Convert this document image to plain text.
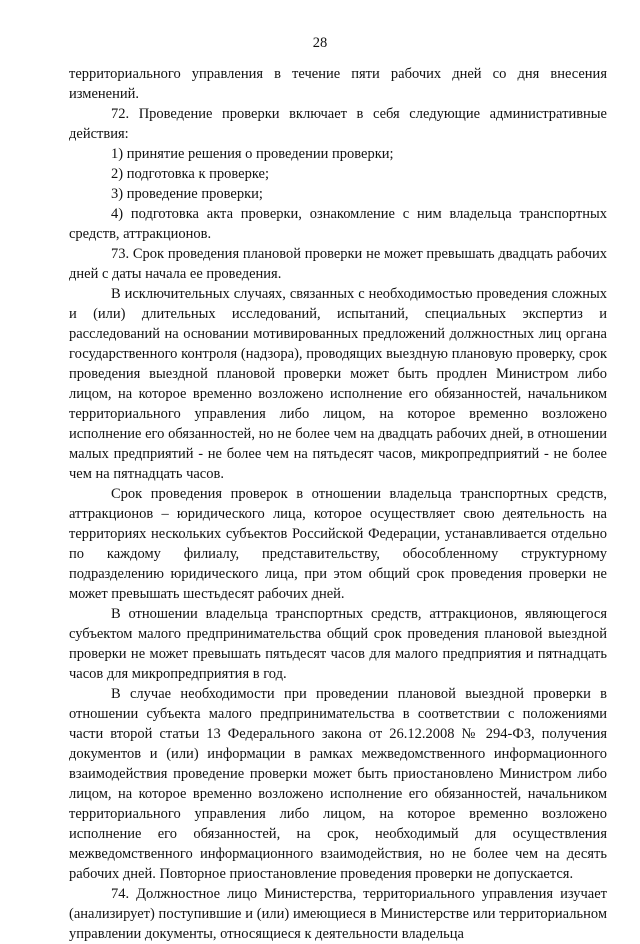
28

территориального управления в течение пяти рабочих дней со дня внесения изменений.

72. Проведение проверки включает в себя следующие административные действия:

1) принятие решения о проведении проверки;

2) подготовка к проверке;

3) проведение проверки;

4) подготовка акта проверки, ознакомление с ним владельца транспортных средств, аттракционов.

73. Срок проведения плановой проверки не может превышать двадцать рабочих дней с даты начала ее проведения.

В исключительных случаях, связанных с необходимостью проведения сложных и (или) длительных исследований, испытаний, специальных экспертиз и расследований на основании мотивированных предложений должностных лиц органа государственного контроля (надзора), проводящих выездную плановую проверку, срок проведения выездной плановой проверки может быть продлен Министром либо лицом, на которое временно возложено исполнение его обязанностей, начальником территориального управления либо лицом, на которое временно возложено исполнение его обязанностей, но не более чем на двадцать рабочих дней, в отношении малых предприятий - не более чем на пятьдесят часов, микропредприятий - не более чем на пятнадцать часов.

Срок проведения проверок в отношении владельца транспортных средств, аттракционов – юридического лица, которое осуществляет свою деятельность на территориях нескольких субъектов Российской Федерации, устанавливается отдельно по каждому филиалу, представительству, обособленному структурному подразделению юридического лица, при этом общий срок проведения проверки не может превышать шестьдесят рабочих дней.

В отношении владельца транспортных средств, аттракционов, являющегося субъектом малого предпринимательства общий срок проведения плановой выездной проверки не может превышать пятьдесят часов для малого предприятия и пятнадцать часов для микропредприятия в год.

В случае необходимости при проведении плановой выездной проверки в отношении субъекта малого предпринимательства в соответствии с положениями части второй статьи 13 Федерального закона от 26.12.2008 № 294-ФЗ, получения документов и (или) информации в рамках межведомственного информационного взаимодействия проведение проверки может быть приостановлено Министром либо лицом, на которое временно возложено исполнение его обязанностей, начальником территориального управления либо лицом, на которое временно возложено исполнение его обязанностей, на срок, необходимый для осуществления межведомственного информационного взаимодействия, но не более чем на десять рабочих дней. Повторное приостановление проведения проверки не допускается.

74. Должностное лицо Министерства, территориального управления изучает (анализирует) поступившие и (или) имеющиеся в Министерстве или территориальном управлении документы, относящиеся к деятельности владельца
